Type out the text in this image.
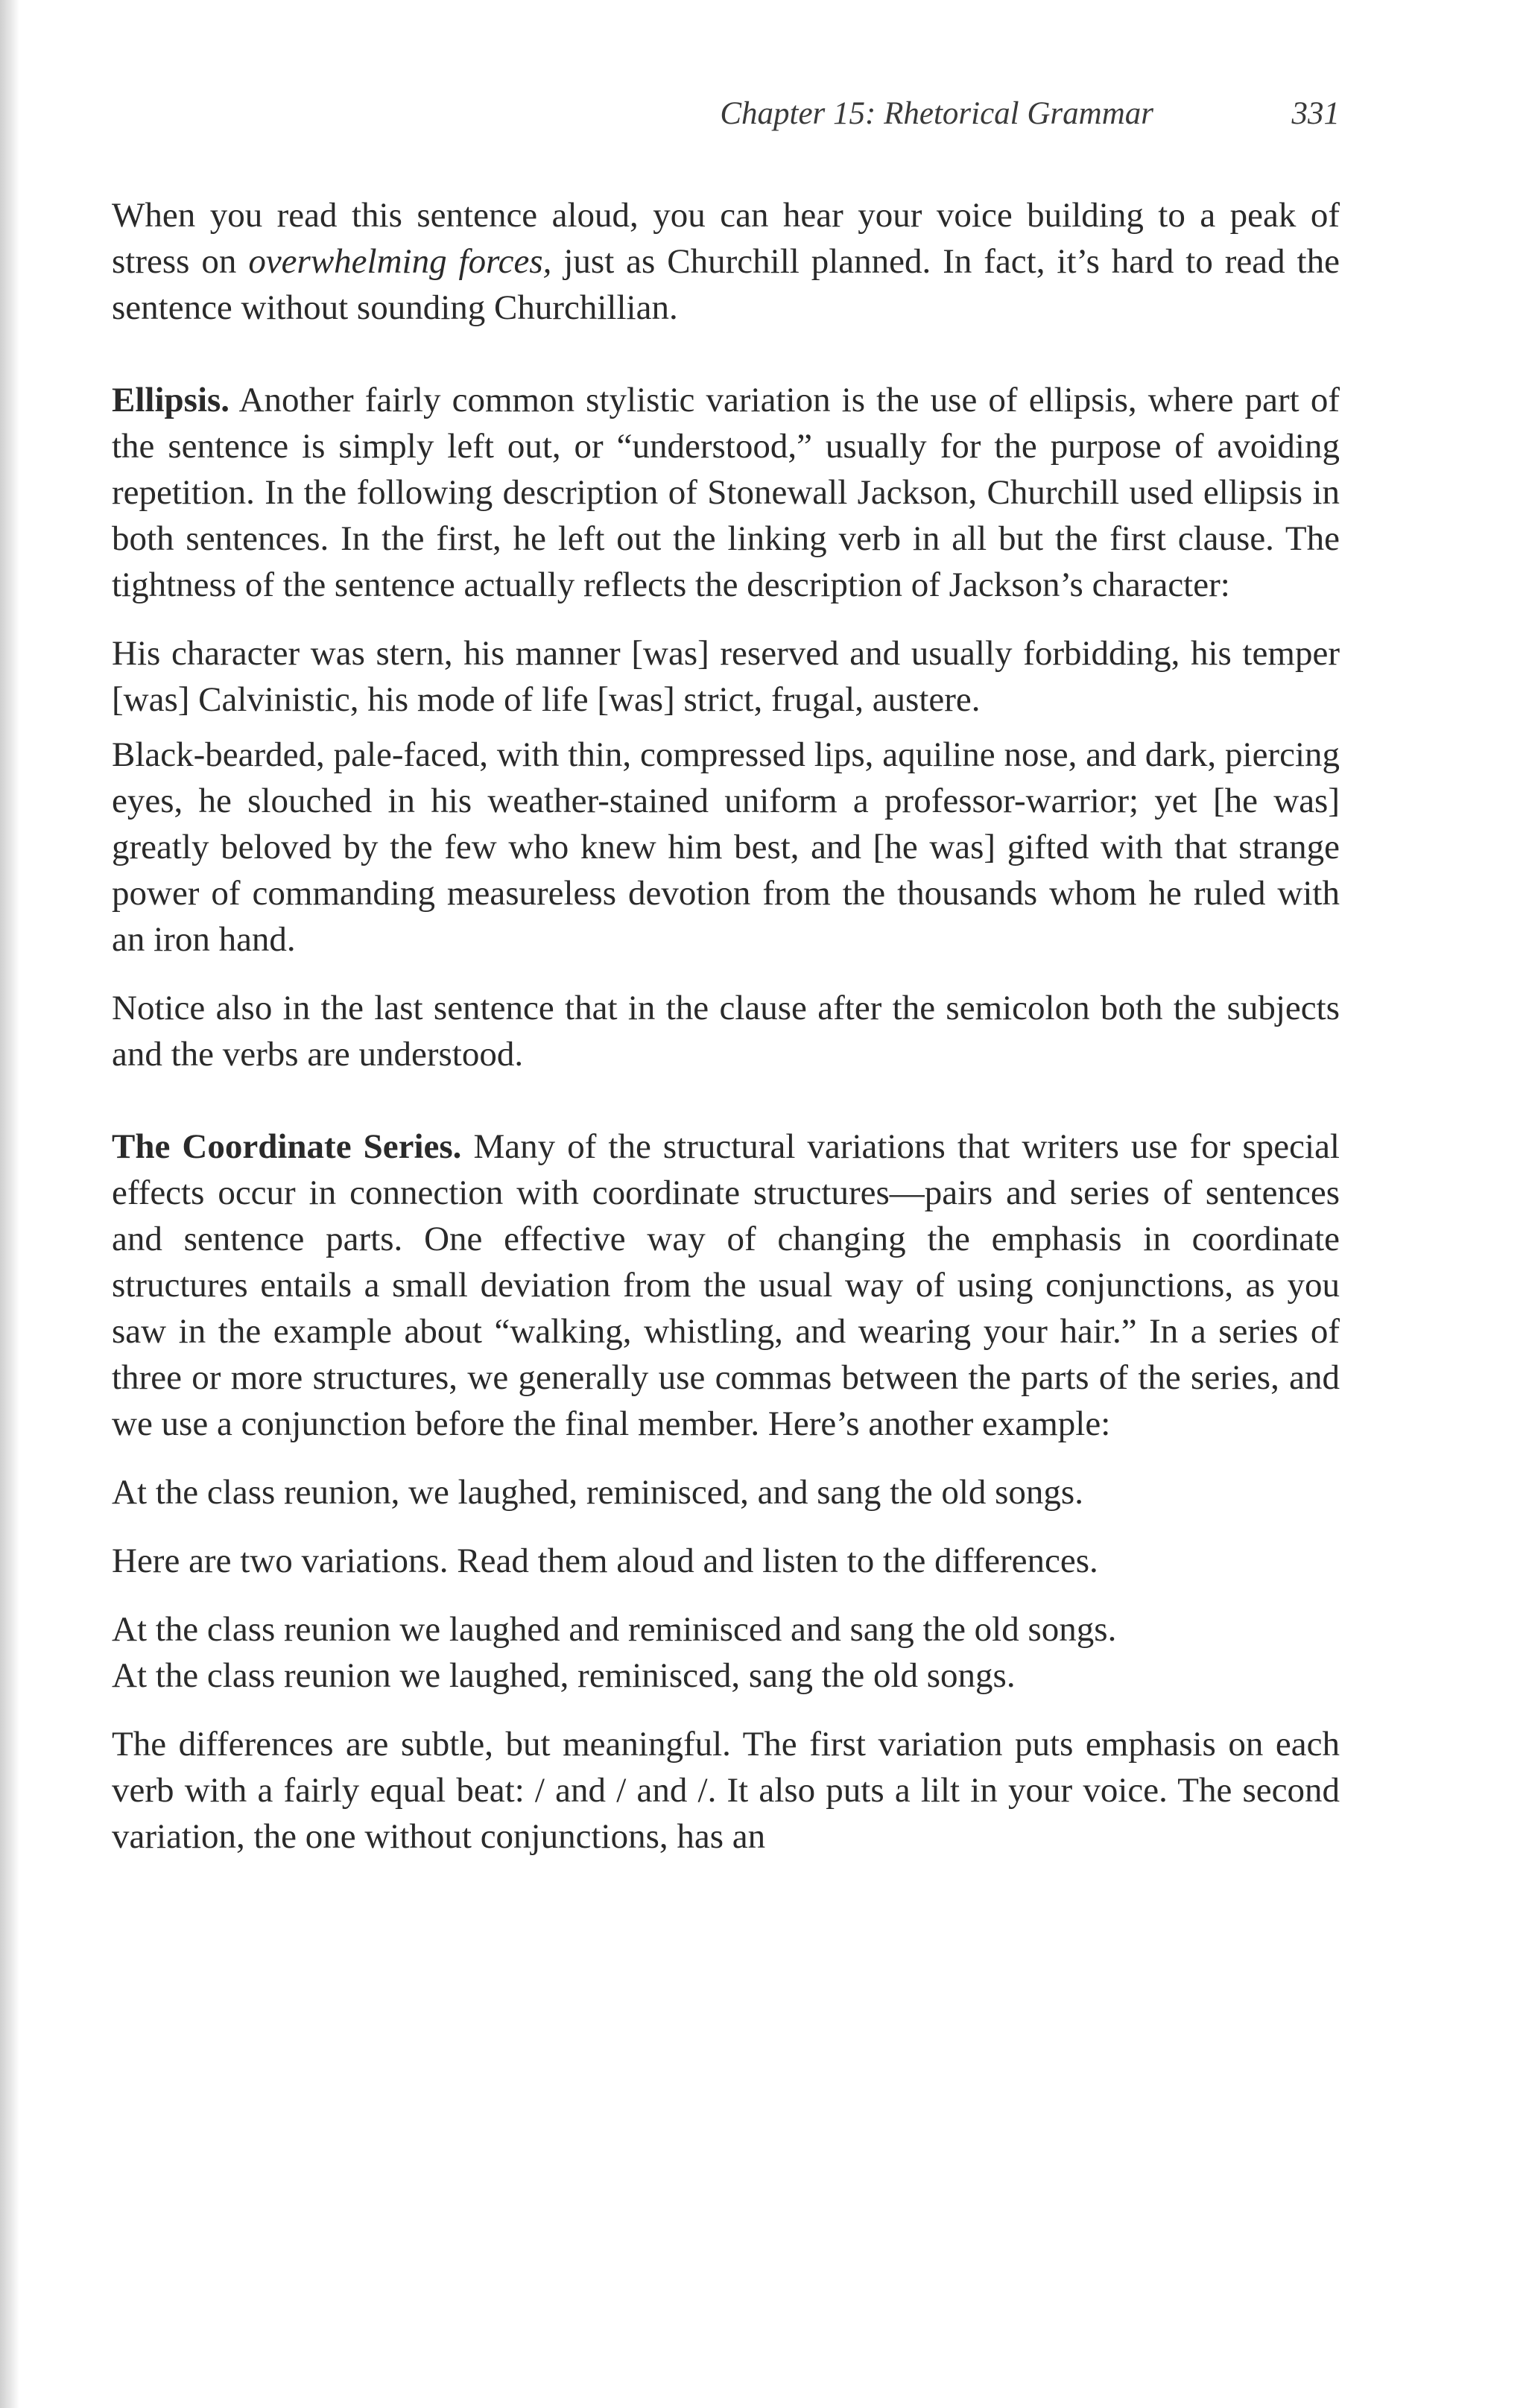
Chapter 15: Rhetorical Grammar	331

When you read this sentence aloud, you can hear your voice building to a peak of stress on overwhelming forces, just as Churchill planned. In fact, it’s hard to read the sentence without sounding Churchillian.

Ellipsis. Another fairly common stylistic variation is the use of ellipsis, where part of the sentence is simply left out, or “understood,” usually for the purpose of avoiding repetition. In the following description of Stonewall Jackson, Churchill used ellipsis in both sentences. In the first, he left out the linking verb in all but the first clause. The tightness of the sentence actually reflects the description of Jackson’s character:

His character was stern, his manner [was] reserved and usually forbidding, his temper [was] Calvinistic, his mode of life [was] strict, frugal, austere.

Black-bearded, pale-faced, with thin, compressed lips, aquiline nose, and dark, piercing eyes, he slouched in his weather-stained uniform a professor-warrior; yet [he was] greatly beloved by the few who knew him best, and [he was] gifted with that strange power of commanding measureless devotion from the thousands whom he ruled with an iron hand.

Notice also in the last sentence that in the clause after the semicolon both the subjects and the verbs are understood.

The Coordinate Series. Many of the structural variations that writers use for special effects occur in connection with coordinate structures—pairs and series of sentences and sentence parts. One effective way of changing the emphasis in coordinate structures entails a small deviation from the usual way of using conjunctions, as you saw in the example about “walking, whistling, and wearing your hair.” In a series of three or more structures, we generally use commas between the parts of the series, and we use a conjunction before the final member. Here’s another example:

At the class reunion, we laughed, reminisced, and sang the old songs.

Here are two variations. Read them aloud and listen to the differences.

At the class reunion we laughed and reminisced and sang the old songs.

At the class reunion we laughed, reminisced, sang the old songs.

The differences are subtle, but meaningful. The first variation puts emphasis on each verb with a fairly equal beat: / and / and /. It also puts a lilt in your voice. The second variation, the one without conjunctions, has an
